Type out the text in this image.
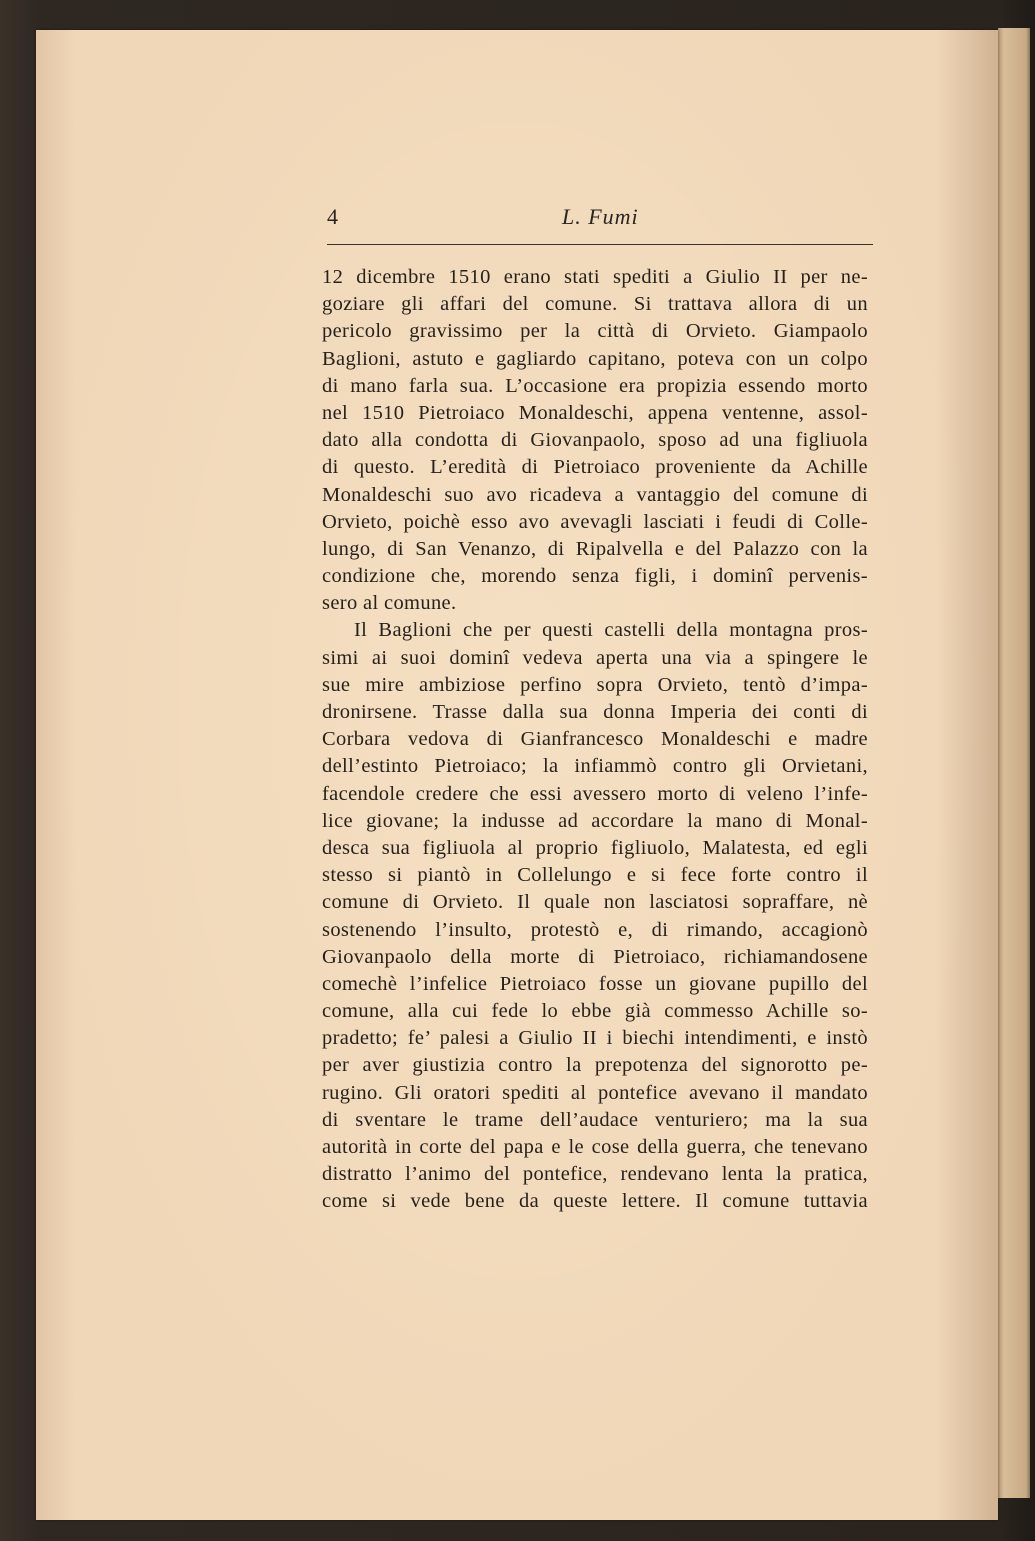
4	L. Fumi
12 dicembre 1510 erano stati spediti a Giulio II per ne-
goziare gli affari del comune. Si trattava allora di un
pericolo gravissimo per la città di Orvieto. Giampaolo
Baglioni, astuto e gagliardo capitano, poteva con un colpo
di mano farla sua. L’occasione era propizia essendo morto
nel 1510 Pietroiaco Monaldeschi, appena ventenne, assol-
dato alla condotta di Giovanpaolo, sposo ad una figliuola
di questo. L’eredità di Pietroiaco proveniente da Achille
Monaldeschi suo avo ricadeva a vantaggio del comune di
Orvieto, poichè esso avo avevagli lasciati i feudi di Colle-
lungo, di San Venanzo, di Ripalvella e del Palazzo con la
condizione che, morendo senza figli, i dominî pervenis-
sero al comune.
Il Baglioni che per questi castelli della montagna pros-
simi ai suoi dominî vedeva aperta una via a spingere le
sue mire ambiziose perfino sopra Orvieto, tentò d’impa-
dronirsene. Trasse dalla sua donna Imperia dei conti di
Corbara vedova di Gianfrancesco Monaldeschi e madre
dell’estinto Pietroiaco; la infiammò contro gli Orvietani,
facendole credere che essi avessero morto di veleno l’infe-
lice giovane; la indusse ad accordare la mano di Monal-
desca sua figliuola al proprio figliuolo, Malatesta, ed egli
stesso si piantò in Collelungo e si fece forte contro il
comune di Orvieto. Il quale non lasciatosi sopraffare, nè
sostenendo l’insulto, protestò e, di rimando, accagionò
Giovanpaolo della morte di Pietroiaco, richiamandosene
comechè l’infelice Pietroiaco fosse un giovane pupillo del
comune, alla cui fede lo ebbe già commesso Achille so-
pradetto; fe’ palesi a Giulio II i biechi intendimenti, e instò
per aver giustizia contro la prepotenza del signorotto pe-
rugino. Gli oratori spediti al pontefice avevano il mandato
di sventare le trame dell’audace venturiero; ma la sua
autorità in corte del papa e le cose della guerra, che tenevano
distratto l’animo del pontefice, rendevano lenta la pratica,
come si vede bene da queste lettere. Il comune tuttavia
